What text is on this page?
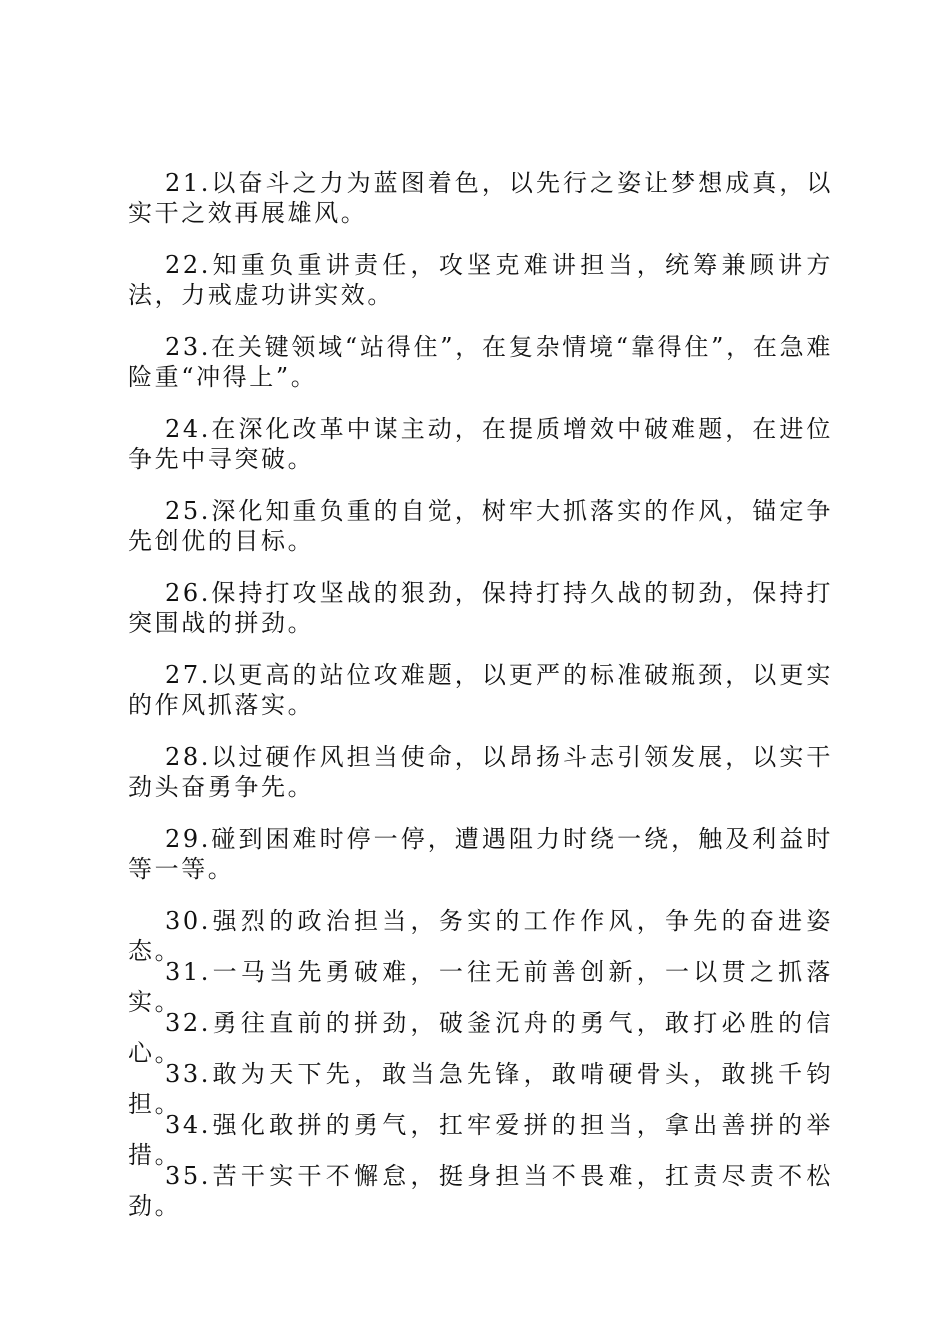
21.以奋斗之力为蓝图着色，以先行之姿让梦想成真，以实干之效再展雄风。

22.知重负重讲责任，攻坚克难讲担当，统筹兼顾讲方法，力戒虚功讲实效。

23.在关键领域“站得住”，在复杂情境“靠得住”，在急难险重“冲得上”。

24.在深化改革中谋主动，在提质增效中破难题，在进位争先中寻突破。

25.深化知重负重的自觉，树牢大抓落实的作风，锚定争先创优的目标。

26.保持打攻坚战的狠劲，保持打持久战的韧劲，保持打突围战的拼劲。

27.以更高的站位攻难题，以更严的标准破瓶颈，以更实的作风抓落实。

28.以过硬作风担当使命，以昂扬斗志引领发展，以实干劲头奋勇争先。

29.碰到困难时停一停，遭遇阻力时绕一绕，触及利益时等一等。

30.强烈的政治担当，务实的工作作风，争先的奋进姿态。

31.一马当先勇破难，一往无前善创新，一以贯之抓落实。

32.勇往直前的拼劲，破釜沉舟的勇气，敢打必胜的信心。

33.敢为天下先，敢当急先锋，敢啃硬骨头，敢挑千钧担。

34.强化敢拼的勇气，扛牢爱拼的担当，拿出善拼的举措。

35.苦干实干不懈怠，挺身担当不畏难，扛责尽责不松劲。
